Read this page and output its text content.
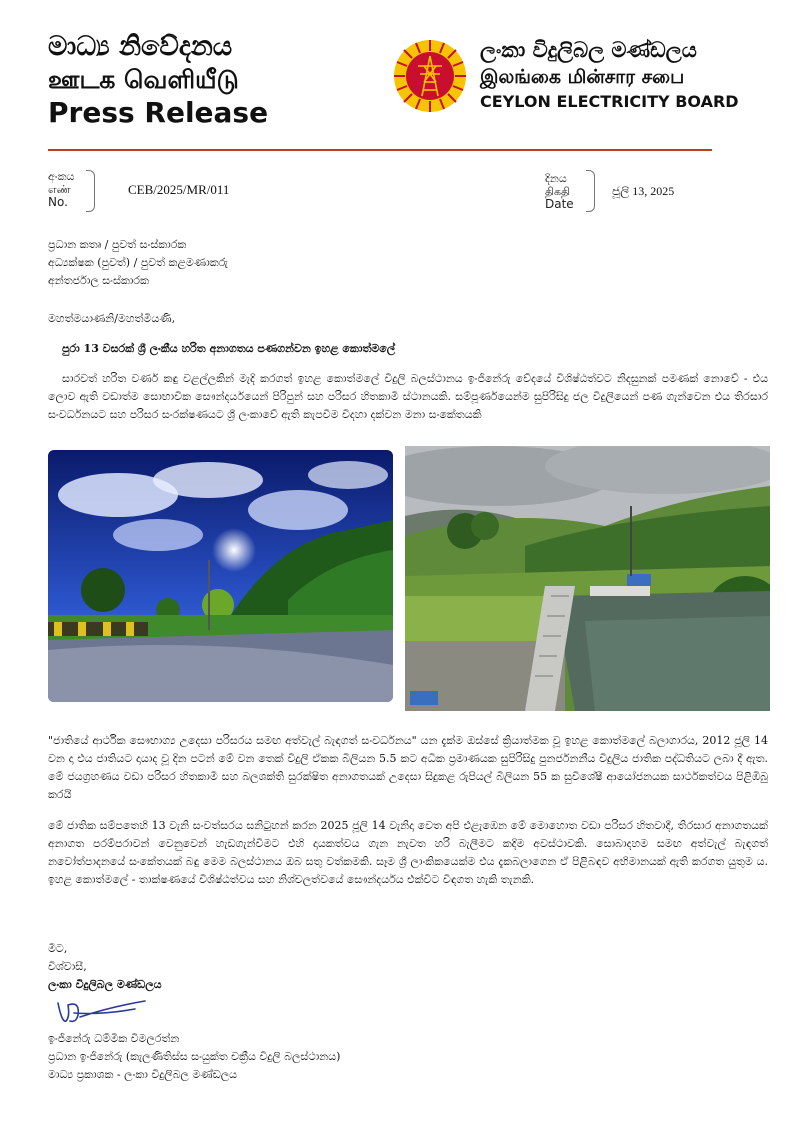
මාධ්‍ය නිවේදනය
ஊடக வெளியீடு
Press Release
ලංකා විදුලිබල මණ්ඩලය
இலங்கை மின்சார சபை
CEYLON ELECTRICITY BOARD
අංකය
எண்
No.
CEB/2025/MR/011
දිනය
திகதி
Date
ජූලි 13, 2025
ප්‍රධාන කතෘ / පුවත් සංස්කාරක
අධ්‍යක්ෂක (පුවත්) / පුවත් කළමණාකරු
අන්තර්ජාල සංස්කාරක
මහත්මයාණනි/මහත්මියණි,
පුරා 13 වසරක් ශ්‍රී ලංකීය හරිත අනාගතය පණගන්වන ඉහළ කොත්මලේ
සාරවත් හරිත වර්ණ කඳු වළල්ලකින් මැදි කරගත් ඉහළ කොත්මලේ විදුලි බලස්ථානය ඉංජිනේරු වේදයේ විශිෂ්ඨත්වට නිදසුනක් පමණක් නොවේ - එය ලොව ඇති වඩාත්ම සොභාවික සෞන්දර්යයෙන් පිරිපුන් සහ පරිසර හිතකාමී ස්ථානයකි. සම්පූර්ණයෙන්ම සුපිරිසිදු ජල විදුලියෙන් පණ ගැන්වෙන එය තිරසාර සංවර්ධනයට සහ පරිසර සංරක්ෂණයට ශ්‍රී ලංකාවේ ඇති කැපවීම විදහා දක්වන මනා සංකේතයකි
"ජාතියේ ආර්ථික සෞභාග්‍ය උදෙසා පරිසරය සමඟ අත්වැල් බැඳගත් සංවර්ධනය" යන දැක්ම ඔස්සේ ක්‍රියාත්මක වූ ඉහළ කොත්මලේ බලාගාරය, 2012 ජූලි 14 වන දා එය ජාතියට දායාද වූ දින පටන් මේ වන තෙක් විදුලි ඒකක බිලියන 5.5 කට අධික ප්‍රමාණයක සුපිරිසිදු පුනර්ජනනීය විදුලිය ජාතික පද්ධතියට ලබා දී ඇත. මේ ජයග්‍රහණය වඩා පරිසර හිතකාමී සහ බලශක්ති සුරක්ෂිත අනාගතයක් උදෙසා සිදුකළ රුපියල් බිලියන 55 ක සුවිශේෂී ආයෝජනයක සාර්ථකත්වය පිළිඹිබු කරයි
මේ ජාතික සම්පතෙහි 13 වැනි සංවත්සරය සනිටුහන් කරන 2025 ජූලි 14 වැනිදා වෙත අපි එළැඹෙන මේ මොහොත වඩා පරිසර හිතවාදී, තිරසාර අනාගතයක් අනාගත පරම්පරාවන් වෙනුවෙන් හැඩගැන්වීමට එහි දායකත්වය ගැන නැවත හරි බැලීමට කදිම අවස්ථාවකි. සොබාදහම සමඟ අත්වැල් බැඳගත් නවෝත්පාදනයේ සංකේතයක් බඳු මෙම බලස්ථානය ඔබ සතු වත්කමකි. සෑම ශ්‍රී ලාංකිකයෙක්ම එය දැකබලාගෙන ඒ පිළිබඳව අභිමානයක් ඇති කරගත යුතුම ය. ඉහළ කොත්මලේ - තාක්ෂණයේ විශිෂ්ඨත්වය සහ නිශ්චලත්වයේ සෞන්දර්යය එක්විට විඳගත හැකි තැනකි.
මීට,
විශ්වාසී,
ලංකා විදුලිබල මණ්ඩලය
ඉංජිනේරු ධම්මික විමලරත්න
ප්‍රධාන ඉංජිනේරු (කැලණිතිස්ස සංයුක්ත චක්‍රීය විදුලි බලස්ථානය)
මාධ්‍ය ප්‍රකාශක - ලංකා විදුලිබල මණ්ඩලය
